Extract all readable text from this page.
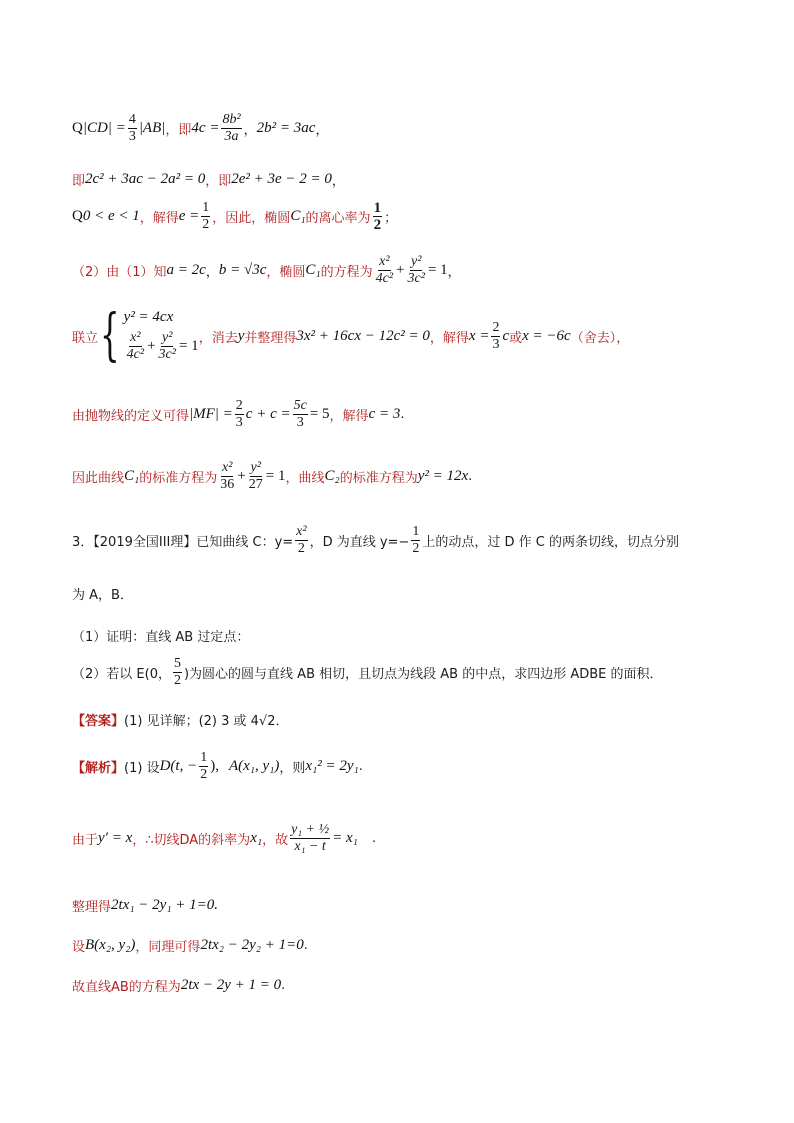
Q $|CD| = \frac{4}{3} |AB|$ ，即 $4c = \frac{\text{8b²}}{3a}$ ， 2b² = 3ac ，
即 2c² + 3ac − 2a² = 0 ，即 2e² + 3e − 2 = 0 ，
Q 0 < e < 1 ，解得 $e = \frac{1}{2}$ ，因此，椭圆 C₁ 的离心率为 $\frac{1}{2}$ ；
（2）由（1）知 a = 2c ， b = √3c ，椭圆 C₁ 的方程为 $\frac{\text{x²}}{\text{4c²}} + \frac{\text{y²}}{\text{3c²}} = 1$ ，
联立 { y² = 4cx
$\frac{\text{x²}}{\text{4c²}} + \frac{\text{y²}}{\text{3c²}} = 1$ ，消去 y 并整理得 3x² + 16cx − 12c² = 0 ，解得 $x = \frac{2}{3}$ c 或 x = −6c （舍去），
由抛物线的定义可得 $|MF| = \frac{2}{3}$ $c + c = \frac{5c}{3} = 5$ ，解得 c = 3 .
因此曲线 C₁ 的标准方程为 $\frac{\text{x²}}{36} + \frac{\text{y²}}{27} = 1$ ，曲线 C₂ 的标准方程为 y² = 12x .
3．【2019全国III理】已知曲线 C：$y= \frac{\text{x²}}{2}$ ，D 为直线 $y=- \frac{1}{2}$ 上的动点，过 D 作 C 的两条切线，切点分别
为 A，B．
（1）证明：直线 AB 过定点：
（2）若以 E(0， $\frac{5}{2}$ )为圆心的圆与直线 AB 相切，且切点为线段 AB 的中点，求四边形 ADBE 的面积．
【答案】 (1) 见详解；(2) 3 或 4√2．
【解析】 (1) 设 D(t, − $\frac{1}{2}$ ), A(x₁, y₁) ，则 x₁² = 2y₁ .
由于 y′ = x ，∴切线DA的斜率为 x₁ ，故 $\frac{\text{y₁ + ½}}{\text{x₁ − t}} = x_1$ .
整理得 2tx₁ − 2y₁ + 1=0.
设 B(x₂, y₂) ，同理可得 2tx₂ − 2y₂ + 1=0 .
故直线AB的方程为 2tx − 2y + 1 = 0 .
